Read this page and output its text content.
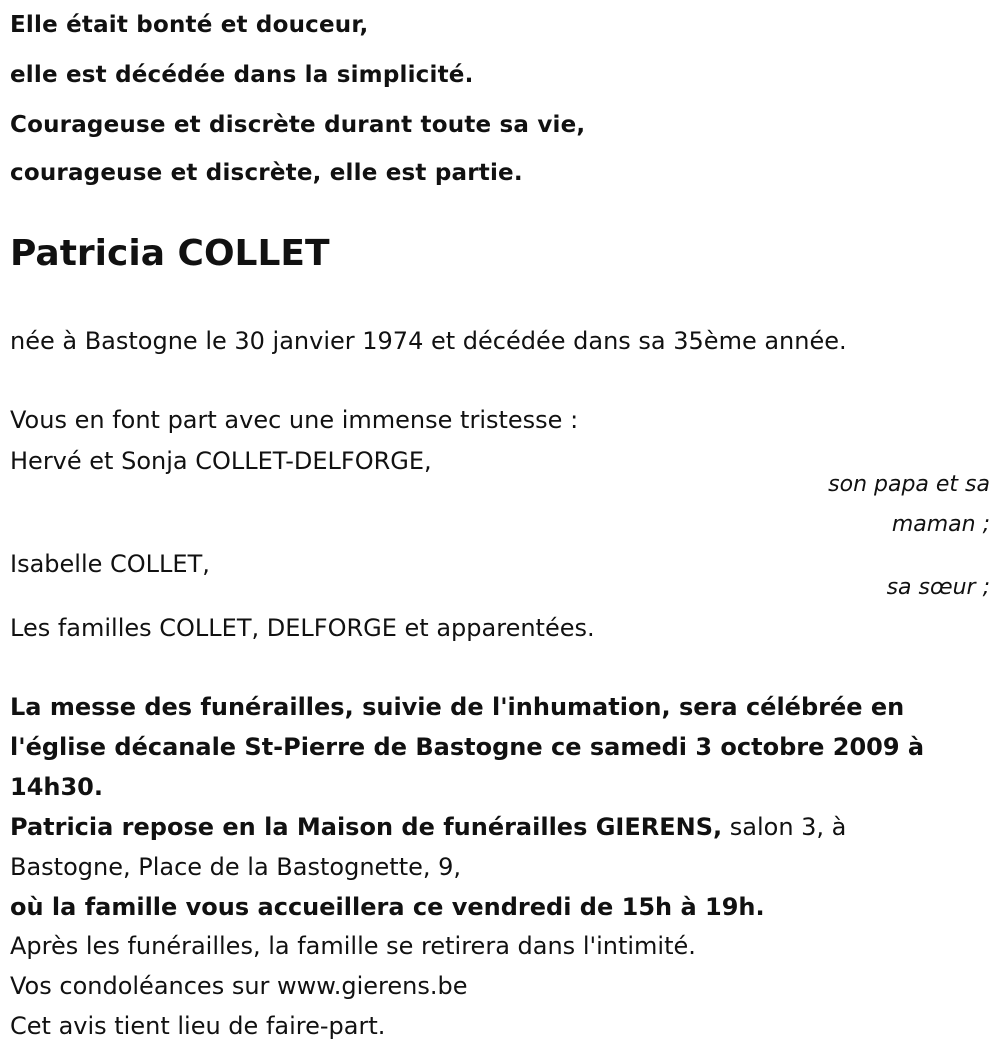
Elle était bonté et douceur,
elle est décédée dans la simplicité.
Courageuse et discrète durant toute sa vie,
courageuse et discrète, elle est partie.
Patricia COLLET
née à Bastogne le 30 janvier 1974 et décédée dans sa 35ème année.
Vous en font part avec une immense tristesse :
Hervé et Sonja COLLET-DELFORGE,
son papa et sa
maman ;
Isabelle COLLET,
sa sœur ;
Les familles COLLET, DELFORGE et apparentées.
La messe des funérailles, suivie de l'inhumation, sera célébrée en
l'église décanale St-Pierre de Bastogne ce samedi 3 octobre 2009 à
14h30.
Patricia repose en la Maison de funérailles GIERENS, salon 3, à
Bastogne, Place de la Bastognette, 9,
où la famille vous accueillera ce vendredi de 15h à 19h.
Après les funérailles, la famille se retirera dans l'intimité.
Vos condoléances sur www.gierens.be
Cet avis tient lieu de faire-part.
